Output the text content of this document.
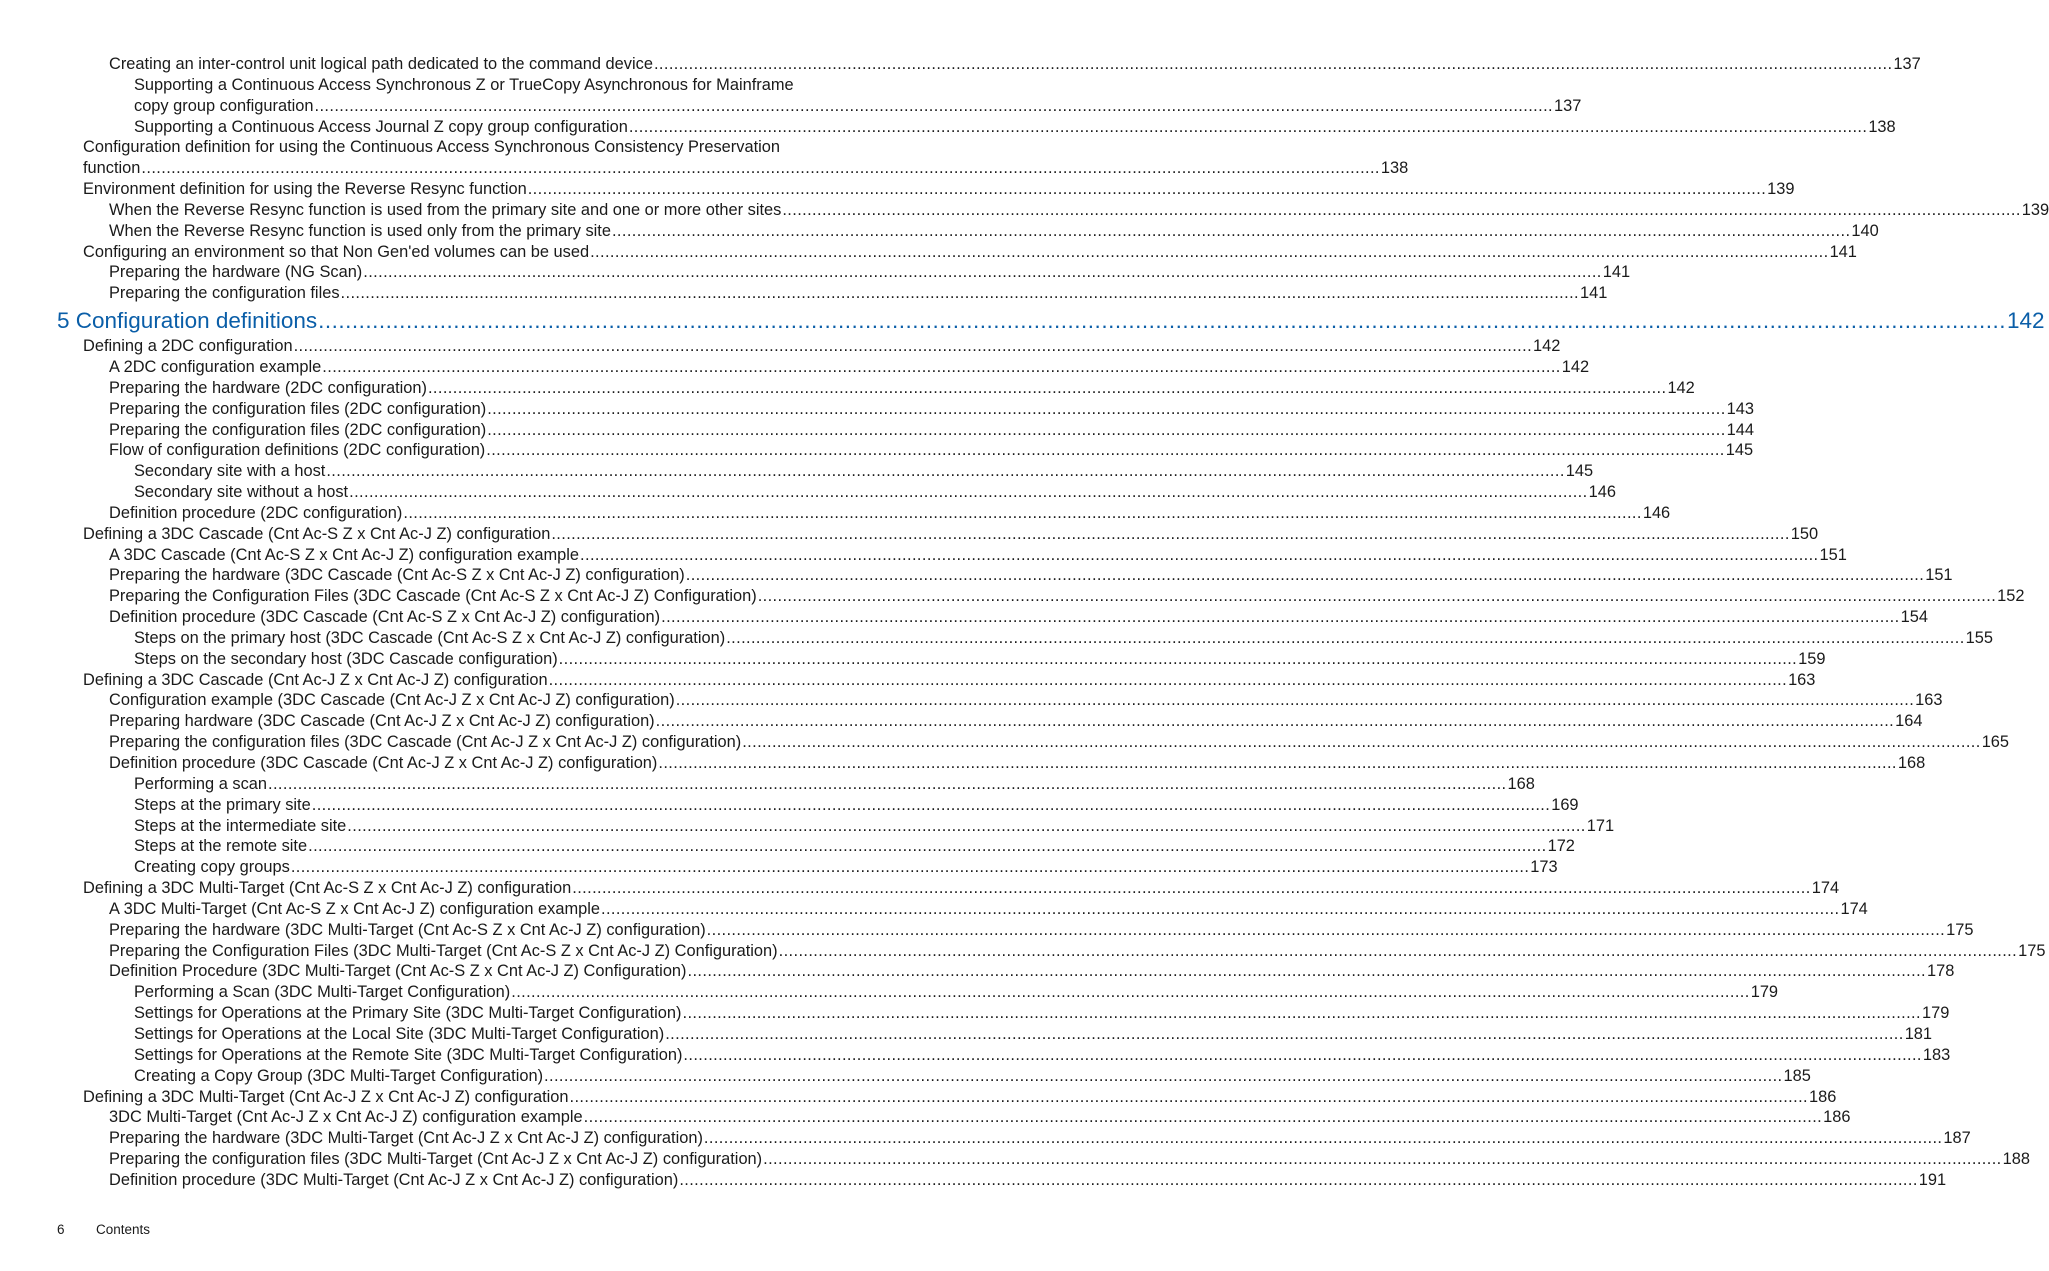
Creating an inter-control unit logical path dedicated to the command device .....	137
Supporting a Continuous Access Synchronous Z or TrueCopy Asynchronous for Mainframe
copy group configuration .....	137
Supporting a Continuous Access Journal Z copy group configuration .....	138
Configuration definition for using the Continuous Access Synchronous Consistency Preservation
function .....	138
Environment definition for using the Reverse Resync function .....	139
When the Reverse Resync function is used from the primary site and one or more other sites .....	139
When the Reverse Resync function is used only from the primary site .....	140
Configuring an environment so that Non Gen'ed volumes can be used .....	141
Preparing the hardware (NG Scan) .....	141
Preparing the configuration files .....	141
5 Configuration definitions .....	142
Defining a 2DC configuration .....	142
A 2DC configuration example .....	142
Preparing the hardware (2DC configuration) .....	142
Preparing the configuration files (2DC configuration) .....	143
Preparing the configuration files (2DC configuration) .....	144
Flow of configuration definitions (2DC configuration) .....	145
Secondary site with a host .....	145
Secondary site without a host .....	146
Definition procedure (2DC configuration) .....	146
Defining a 3DC Cascade (Cnt Ac-S Z x Cnt Ac-J Z) configuration .....	150
A 3DC Cascade (Cnt Ac-S Z x Cnt Ac-J Z) configuration example .....	151
Preparing the hardware (3DC Cascade (Cnt Ac-S Z x Cnt Ac-J Z) configuration) .....	151
Preparing the Configuration Files (3DC Cascade (Cnt Ac-S Z x Cnt Ac-J Z) Configuration) .....	152
Definition procedure (3DC Cascade (Cnt Ac-S Z x Cnt Ac-J Z) configuration) .....	154
Steps on the primary host (3DC Cascade (Cnt Ac-S Z x Cnt Ac-J Z) configuration) .....	155
Steps on the secondary host (3DC Cascade configuration) .....	159
Defining a 3DC Cascade (Cnt Ac-J Z x Cnt Ac-J Z) configuration .....	163
Configuration example (3DC Cascade (Cnt Ac-J Z x Cnt Ac-J Z) configuration) .....	163
Preparing hardware (3DC Cascade (Cnt Ac-J Z x Cnt Ac-J Z) configuration) .....	164
Preparing the configuration files (3DC Cascade (Cnt Ac-J Z x Cnt Ac-J Z) configuration) .....	165
Definition procedure (3DC Cascade (Cnt Ac-J Z x Cnt Ac-J Z) configuration) .....	168
Performing a scan .....	168
Steps at the primary site .....	169
Steps at the intermediate site .....	171
Steps at the remote site .....	172
Creating copy groups .....	173
Defining a 3DC Multi-Target (Cnt Ac-S Z x Cnt Ac-J Z) configuration .....	174
A 3DC Multi-Target (Cnt Ac-S Z x Cnt Ac-J Z) configuration example .....	174
Preparing the hardware (3DC Multi-Target (Cnt Ac-S Z x Cnt Ac-J Z) configuration) .....	175
Preparing the Configuration Files (3DC Multi-Target (Cnt Ac-S Z x Cnt Ac-J Z) Configuration) .....	175
Definition Procedure (3DC Multi-Target (Cnt Ac-S Z x Cnt Ac-J Z) Configuration) .....	178
Performing a Scan (3DC Multi-Target Configuration) .....	179
Settings for Operations at the Primary Site (3DC Multi-Target Configuration) .....	179
Settings for Operations at the Local Site (3DC Multi-Target Configuration) .....	181
Settings for Operations at the Remote Site (3DC Multi-Target Configuration) .....	183
Creating a Copy Group (3DC Multi-Target Configuration) .....	185
Defining a 3DC Multi-Target (Cnt Ac-J Z x Cnt Ac-J Z) configuration .....	186
3DC Multi-Target (Cnt Ac-J Z x Cnt Ac-J Z) configuration example .....	186
Preparing the hardware (3DC Multi-Target (Cnt Ac-J Z x Cnt Ac-J Z) configuration) .....	187
Preparing the configuration files (3DC Multi-Target (Cnt Ac-J Z x Cnt Ac-J Z) configuration) .....	188
Definition procedure (3DC Multi-Target (Cnt Ac-J Z x Cnt Ac-J Z) configuration) .....	191
6	Contents
